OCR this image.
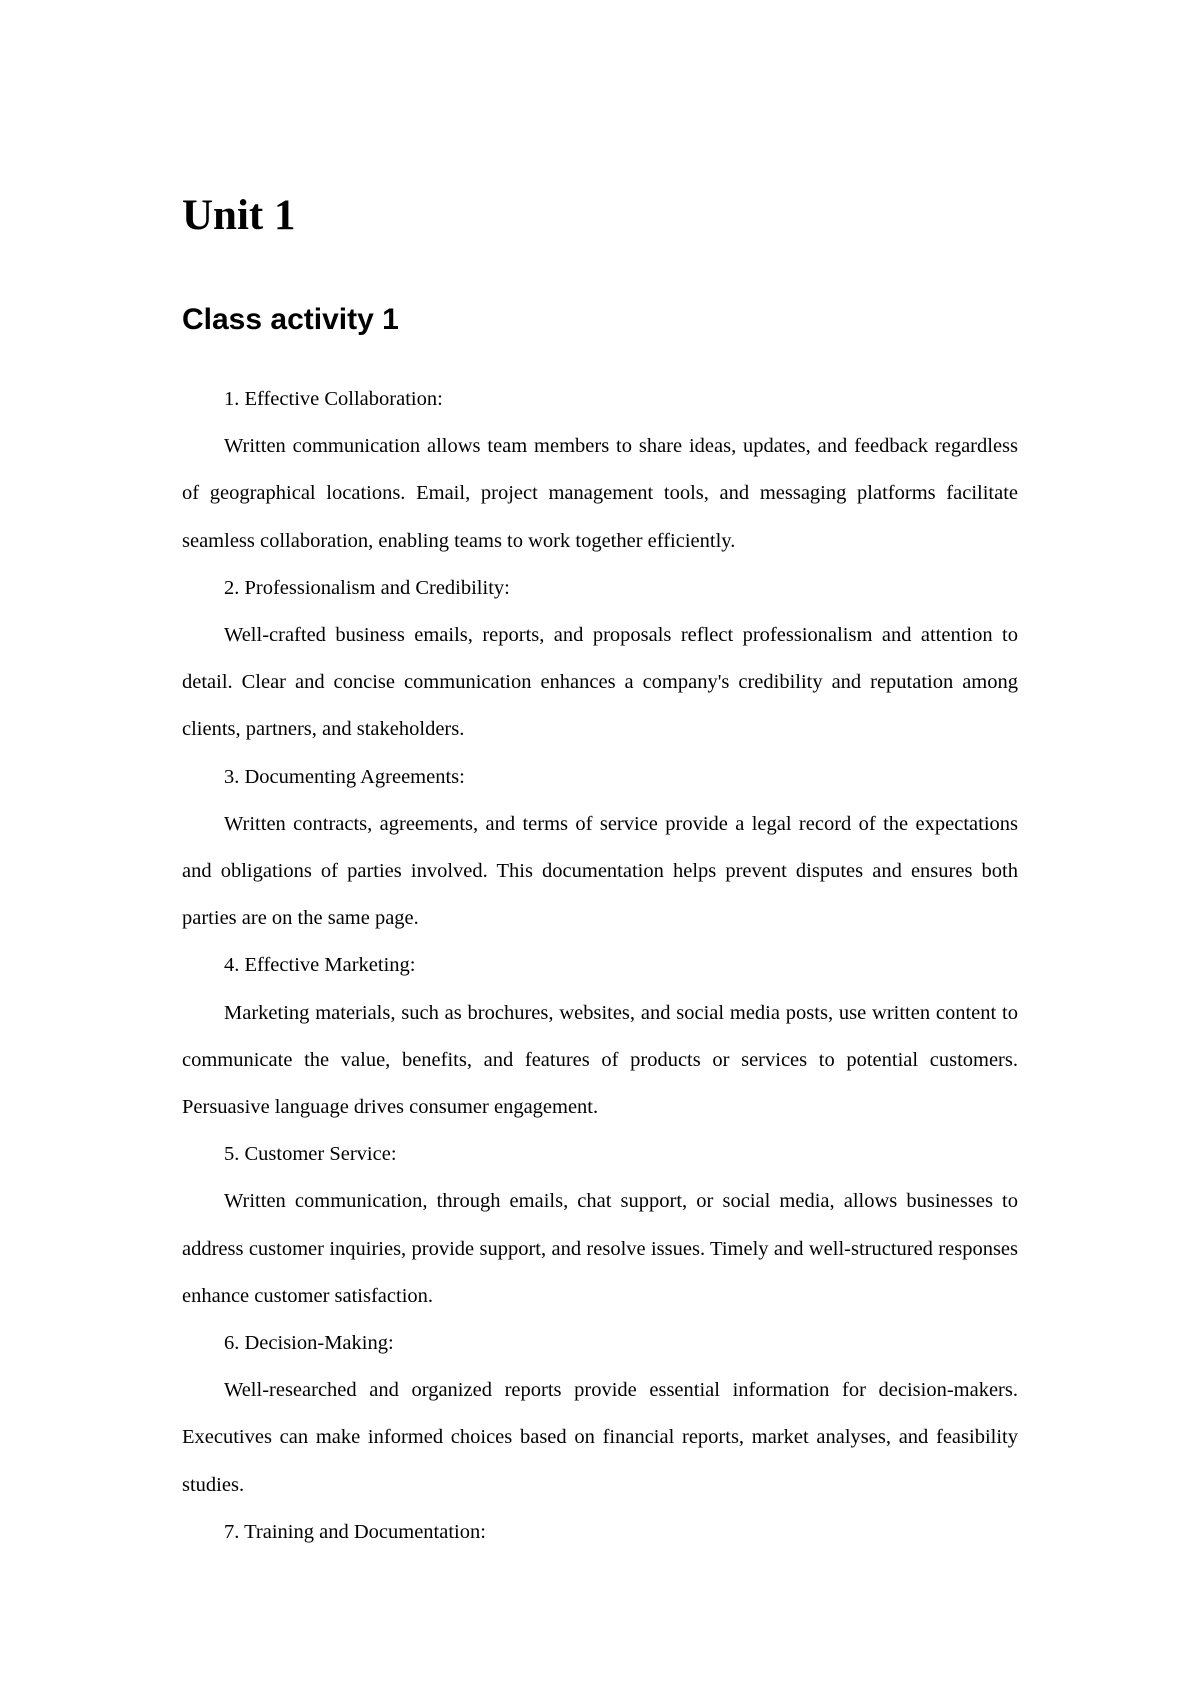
Unit 1
Class activity 1

1. Effective Collaboration:

Written communication allows team members to share ideas, updates, and feedback regardless of geographical locations. Email, project management tools, and messaging platforms facilitate seamless collaboration, enabling teams to work together efficiently.

2. Professionalism and Credibility:

Well-crafted business emails, reports, and proposals reflect professionalism and attention to detail. Clear and concise communication enhances a company's credibility and reputation among clients, partners, and stakeholders.

3. Documenting Agreements:

Written contracts, agreements, and terms of service provide a legal record of the expectations and obligations of parties involved. This documentation helps prevent disputes and ensures both parties are on the same page.

4. Effective Marketing:

Marketing materials, such as brochures, websites, and social media posts, use written content to communicate the value, benefits, and features of products or services to potential customers. Persuasive language drives consumer engagement.

5. Customer Service:

Written communication, through emails, chat support, or social media, allows businesses to address customer inquiries, provide support, and resolve issues. Timely and well-structured responses enhance customer satisfaction.

6. Decision-Making:

Well-researched and organized reports provide essential information for decision-makers. Executives can make informed choices based on financial reports, market analyses, and feasibility studies.

7. Training and Documentation:
